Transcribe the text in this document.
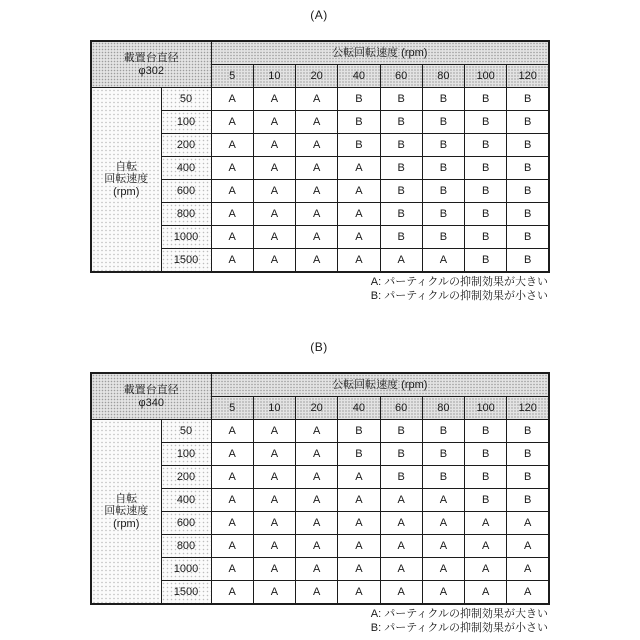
(A)
載置台直径
φ302		公転回転速度 (rpm)							
		5	10	20	40	60	80	100	120

自転
回転速度
(rpm)	50	A	A	A	B	B	B	B	B
	100	A	A	A	B	B	B	B	B
	200	A	A	A	B	B	B	B	B
	400	A	A	A	A	B	B	B	B
	600	A	A	A	A	B	B	B	B
	800	A	A	A	A	B	B	B	B
	1000	A	A	A	A	B	B	B	B
	1500	A	A	A	A	A	A	B	B
A: パーティクルの抑制効果が大きい
B: パーティクルの抑制効果が小さい
(B)
載置台直径
φ340		公転回転速度 (rpm)							
		5	10	20	40	60	80	100	120

自転
回転速度
(rpm)	50	A	A	A	B	B	B	B	B
	100	A	A	A	B	B	B	B	B
	200	A	A	A	A	B	B	B	B
	400	A	A	A	A	A	A	B	B
	600	A	A	A	A	A	A	A	A
	800	A	A	A	A	A	A	A	A
	1000	A	A	A	A	A	A	A	A
	1500	A	A	A	A	A	A	A	A
A: パーティクルの抑制効果が大きい
B: パーティクルの抑制効果が小さい
